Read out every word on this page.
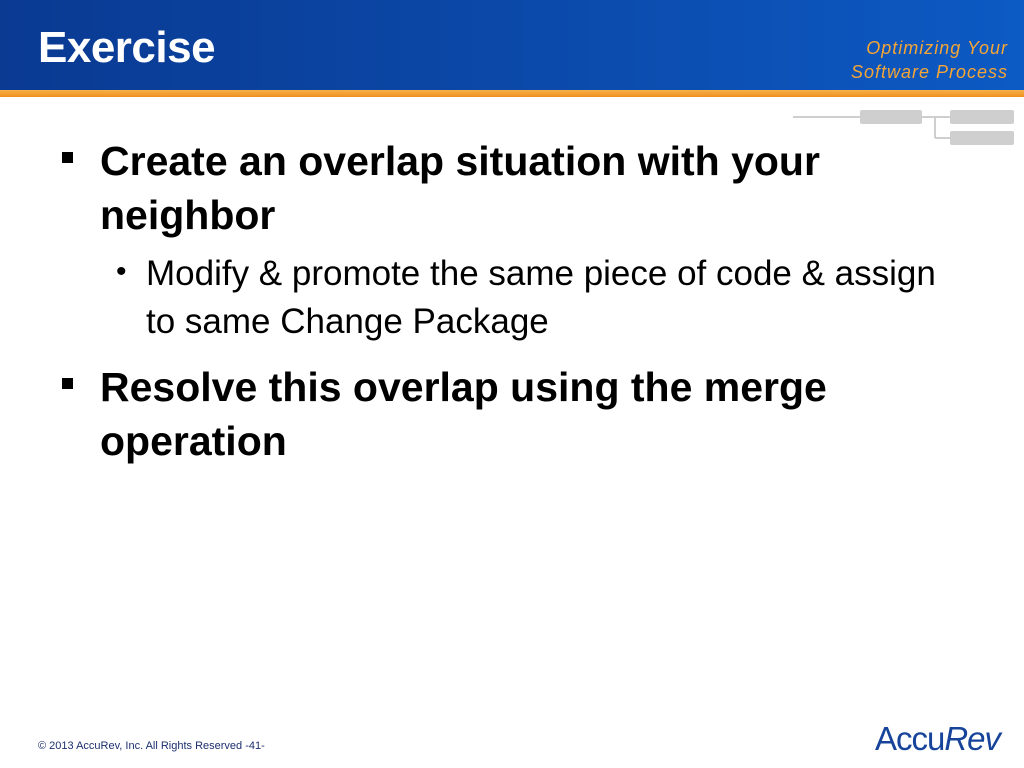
Exercise	Optimizing Your
Software Process
Create an overlap situation with your neighbor
• Modify & promote the same piece of code & assign to same Change Package
Resolve this overlap using the merge operation
© 2013 AccuRev, Inc. All Rights Reserved -41-	AccuRev
